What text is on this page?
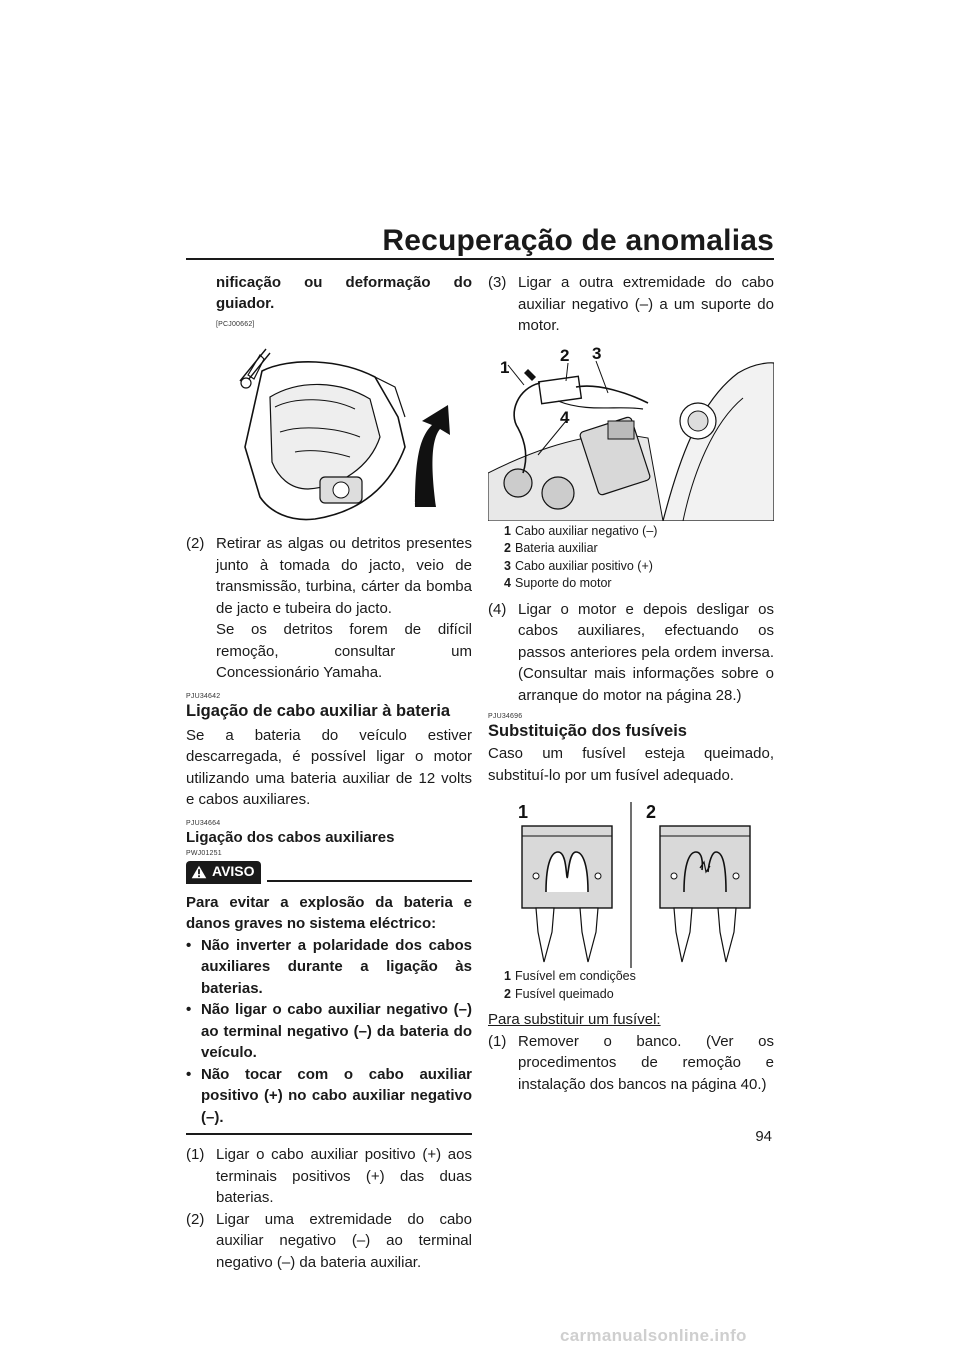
Recuperação de anomalias
nificação ou deformação do guiador.
[PCJ00662]
(2) Retirar as algas ou detritos presentes junto à tomada do jacto, veio de transmissão, turbina, cárter da bomba de jacto e tubeira do jacto.
Se os detritos forem de difícil remoção, consultar um Concessionário Yamaha.
PJU34642
Ligação de cabo auxiliar à bateria

Se a bateria do veículo estiver descarregada, é possível ligar o motor utilizando uma bateria auxiliar de 12 volts e cabos auxiliares.

PJU34664
Ligação dos cabos auxiliares
PWJ01251
AVISO
Para evitar a explosão da bateria e danos graves no sistema eléctrico:
• Não inverter a polaridade dos cabos auxiliares durante a ligação às baterias.
• Não ligar o cabo auxiliar negativo (–) ao terminal negativo (–) da bateria do veículo.
• Não tocar com o cabo auxiliar positivo (+) no cabo auxiliar negativo (–).
(1) Ligar o cabo auxiliar positivo (+) aos terminais positivos (+) das duas baterias.
(2) Ligar uma extremidade do cabo auxiliar negativo (–) ao terminal negativo (–) da bateria auxiliar.
(3) Ligar a outra extremidade do cabo auxiliar negativo (–) a um suporte do motor.
1
2 3
4
1 Cabo auxiliar negativo (–)
2 Bateria auxiliar
3 Cabo auxiliar positivo (+)
4 Suporte do motor
(4) Ligar o motor e depois desligar os cabos auxiliares, efectuando os passos anteriores pela ordem inversa. (Consultar mais informações sobre o arranque do motor na página 28.)
PJU34696
Substituição dos fusíveis

Caso um fusível esteja queimado, substituí-lo por um fusível adequado.

1	2
1 Fusível em condições
2 Fusível queimado
Para substituir um fusível:
(1) Remover o banco. (Ver os procedimentos de remoção e instalação dos bancos na página 40.)
94
carmanualsonline.info
